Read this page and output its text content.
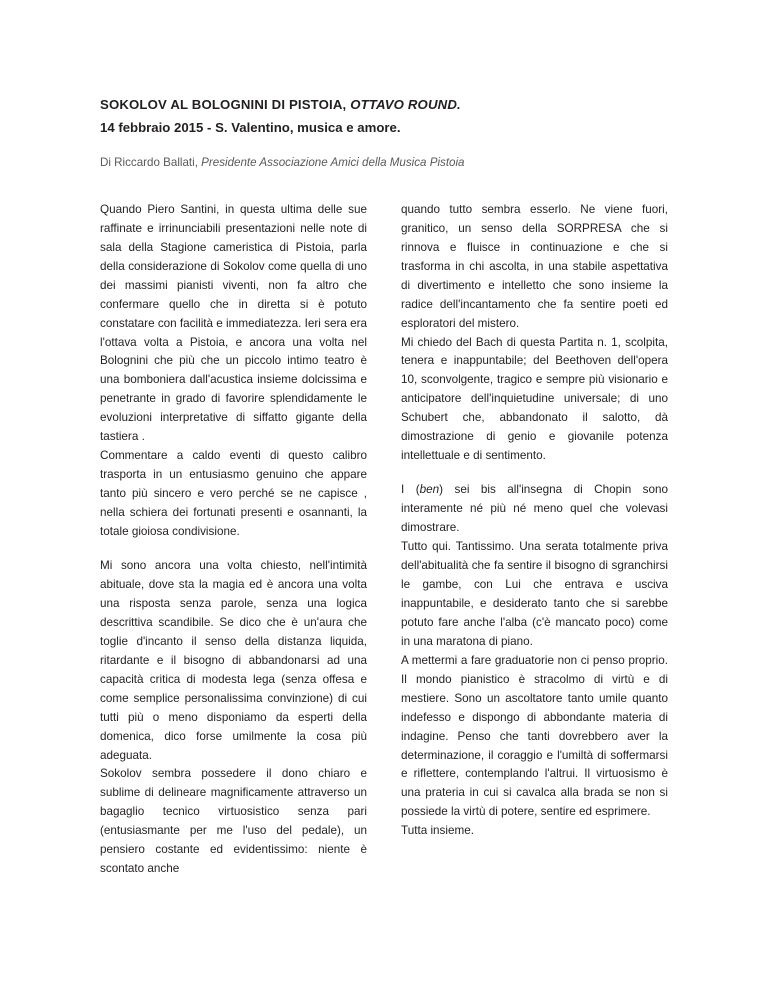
SOKOLOV AL BOLOGNINI DI PISTOIA, OTTAVO ROUND.
14 febbraio 2015 - S. Valentino, musica e amore.
Di Riccardo Ballati, Presidente Associazione Amici della Musica Pistoia

Quando Piero Santini, in questa ultima delle sue raffinate e irrinunciabili presentazioni nelle note di sala della Stagione cameristica di Pistoia, parla della considerazione di Sokolov come quella di uno dei massimi pianisti viventi, non fa altro che confermare quello che in diretta si è potuto constatare con facilità e immediatezza. Ieri sera era l'ottava volta a Pistoia, e ancora una volta nel Bolognini che più che un piccolo intimo teatro è una bomboniera dall'acustica insieme dolcissima e penetrante in grado di favorire splendidamente le evoluzioni interpretative di siffatto gigante della tastiera .

Commentare a caldo eventi di questo calibro trasporta in un entusiasmo genuino che appare tanto più sincero e vero perché se ne capisce , nella schiera dei fortunati presenti e osannanti, la totale gioiosa condivisione.

Mi sono ancora una volta chiesto, nell'intimità abituale, dove sta la magia ed è ancora una volta una risposta senza parole, senza una logica descrittiva scandibile. Se dico che è un'aura che toglie d'incanto il senso della distanza liquida, ritardante e il bisogno di abbandonarsi ad una capacità critica di modesta lega (senza offesa e come semplice personalissima convinzione) di cui tutti più o meno disponiamo da esperti della domenica, dico forse umilmente la cosa più adeguata.

Sokolov sembra possedere il dono chiaro e sublime di delineare magnificamente attraverso un bagaglio tecnico virtuosistico senza pari (entusiasmante per me l'uso del pedale), un pensiero costante ed evidentissimo: niente è scontato anche

quando tutto sembra esserlo. Ne viene fuori, granitico, un senso della SORPRESA che si rinnova e fluisce in continuazione e che si trasforma in chi ascolta, in una stabile aspettativa di divertimento e intelletto che sono insieme la radice dell'incantamento che fa sentire poeti ed esploratori del mistero.

Mi chiedo del Bach di questa Partita n. 1, scolpita, tenera e inappuntabile; del Beethoven dell'opera 10, sconvolgente, tragico e sempre più visionario e anticipatore dell'inquietudine universale; di uno Schubert che, abbandonato il salotto, dà dimostrazione di genio e giovanile potenza intellettuale e di sentimento.

I (ben) sei bis all'insegna di Chopin sono interamente né più né meno quel che volevasi dimostrare.

Tutto qui. Tantissimo. Una serata totalmente priva dell'abitualità che fa sentire il bisogno di sgranchirsi le gambe, con Lui che entrava e usciva inappuntabile, e desiderato tanto che si sarebbe potuto fare anche l'alba (c'è mancato poco) come in una maratona di piano.

A mettermi a fare graduatorie non ci penso proprio. Il mondo pianistico è stracolmo di virtù e di mestiere. Sono un ascoltatore tanto umile quanto indefesso e dispongo di abbondante materia di indagine. Penso che tanti dovrebbero aver la determinazione, il coraggio e l'umiltà di soffermarsi e riflettere, contemplando l'altrui. Il virtuosismo è una prateria in cui si cavalca alla brada se non si possiede la virtù di potere, sentire ed esprimere.

Tutta insieme.
